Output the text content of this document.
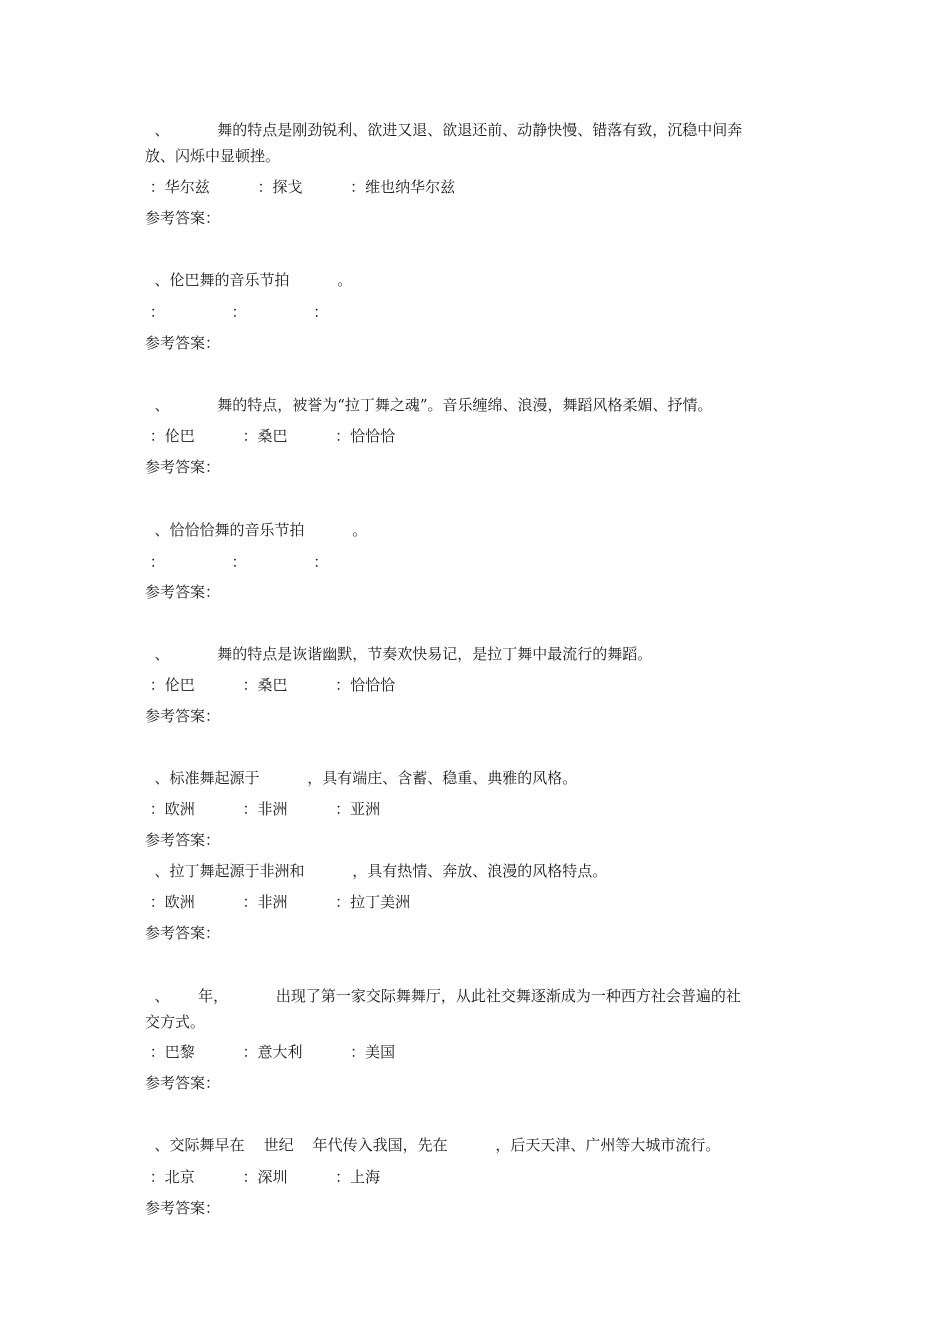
、          舞的特点是刚劲锐利、欲进又退、欲退还前、动静快慢、错落有致，沉稳中间奔
放、闪烁中显顿挫。
：华尔兹          ：探戈          ：维也纳华尔兹
参考答案：
、伦巴舞的音乐节拍          。
：              ：              ：
参考答案：
、          舞的特点，被誉为“拉丁舞之魂”。音乐缠绵、浪漫，舞蹈风格柔媚、抒情。
：伦巴          ：桑巴          ：恰恰恰
参考答案：
、恰恰恰舞的音乐节拍          。
：              ：              ：
参考答案：
、          舞的特点是诙谐幽默，节奏欢快易记，是拉丁舞中最流行的舞蹈。
：伦巴          ：桑巴          ：恰恰恰
参考答案：
、标准舞起源于          ，具有端庄、含蓄、稳重、典雅的风格。
：欧洲          ：非洲          ：亚洲
参考答案：
、拉丁舞起源于非洲和          ，具有热情、奔放、浪漫的风格特点。
：欧洲          ：非洲          ：拉丁美洲
参考答案：
、      年，          出现了第一家交际舞舞厅，从此社交舞逐渐成为一种西方社会普遍的社
交方式。
：巴黎          ：意大利          ：美国
参考答案：
、交际舞早在    世纪    年代传入我国，先在          ，后天天津、广州等大城市流行。
：北京          ：深圳          ：上海
参考答案：
